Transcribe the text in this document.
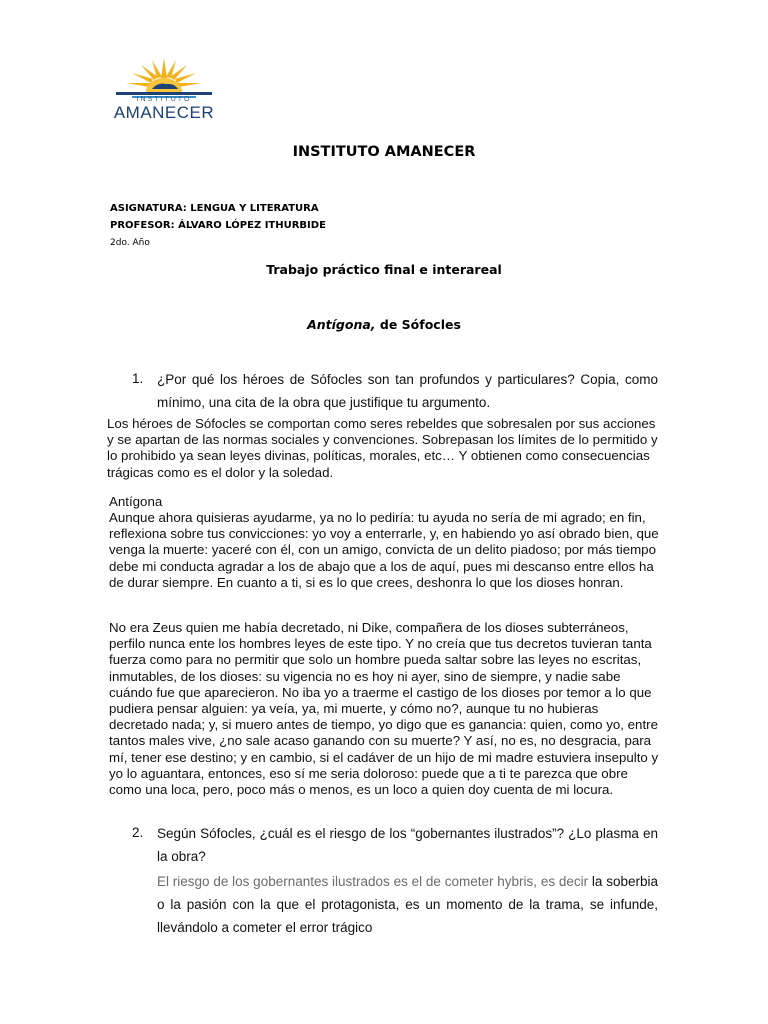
INSTITUTO
AMANECER
INSTITUTO AMANECER
ASIGNATURA: LENGUA Y LITERATURA
PROFESOR: ÁLVARO LÓPEZ ITHURBIDE
2do. Año
Trabajo práctico final e interareal
Antígona, de Sófocles
1. ¿Por qué los héroes de Sófocles son tan profundos y particulares? Copia, como mínimo, una cita de la obra que justifique tu argumento.
Los héroes de Sófocles se comportan como seres rebeldes que sobresalen por sus acciones y se apartan de las normas sociales y convenciones. Sobrepasan los límites de lo permitido y lo prohibido ya sean leyes divinas, políticas, morales, etc… Y obtienen como consecuencias trágicas como es el dolor y la soledad.
Antígona
Aunque ahora quisieras ayudarme, ya no lo pediría: tu ayuda no sería de mi agrado; en fin, reflexiona sobre tus convicciones: yo voy a enterrarle, y, en habiendo yo así obrado bien, que venga la muerte: yaceré con él, con un amigo, convicta de un delito piadoso; por más tiempo debe mi conducta agradar a los de abajo que a los de aquí, pues mi descanso entre ellos ha de durar siempre. En cuanto a ti, si es lo que crees, deshonra lo que los dioses honran.
No era Zeus quien me había decretado, ni Dike, compañera de los dioses subterráneos, perfilo nunca ente los hombres leyes de este tipo. Y no creía que tus decretos tuvieran tanta fuerza como para no permitir que solo un hombre pueda saltar sobre las leyes no escritas, inmutables, de los dioses: su vigencia no es hoy ni ayer, sino de siempre, y nadie sabe cuándo fue que aparecieron. No iba yo a traerme el castigo de los dioses por temor a lo que pudiera pensar alguien: ya veía, ya, mi muerte, y cómo no?, aunque tu no hubieras decretado nada; y, si muero antes de tiempo, yo digo que es ganancia: quien, como yo, entre tantos males vive, ¿no sale acaso ganando con su muerte? Y así, no es, no desgracia, para mí, tener ese destino; y en cambio, si el cadáver de un hijo de mi madre estuviera insepulto y yo lo aguantara, entonces, eso sí me seria doloroso: puede que a ti te parezca que obre como una loca, pero, poco más o menos, es un loco a quien doy cuenta de mi locura.
2. Según Sófocles, ¿cuál es el riesgo de los “gobernantes ilustrados”? ¿Lo plasma en la obra?
El riesgo de los gobernantes ilustrados es el de cometer hybris, es decir la soberbia o la pasión con la que el protagonista, es un momento de la trama, se infunde, llevándolo a cometer el error trágico
